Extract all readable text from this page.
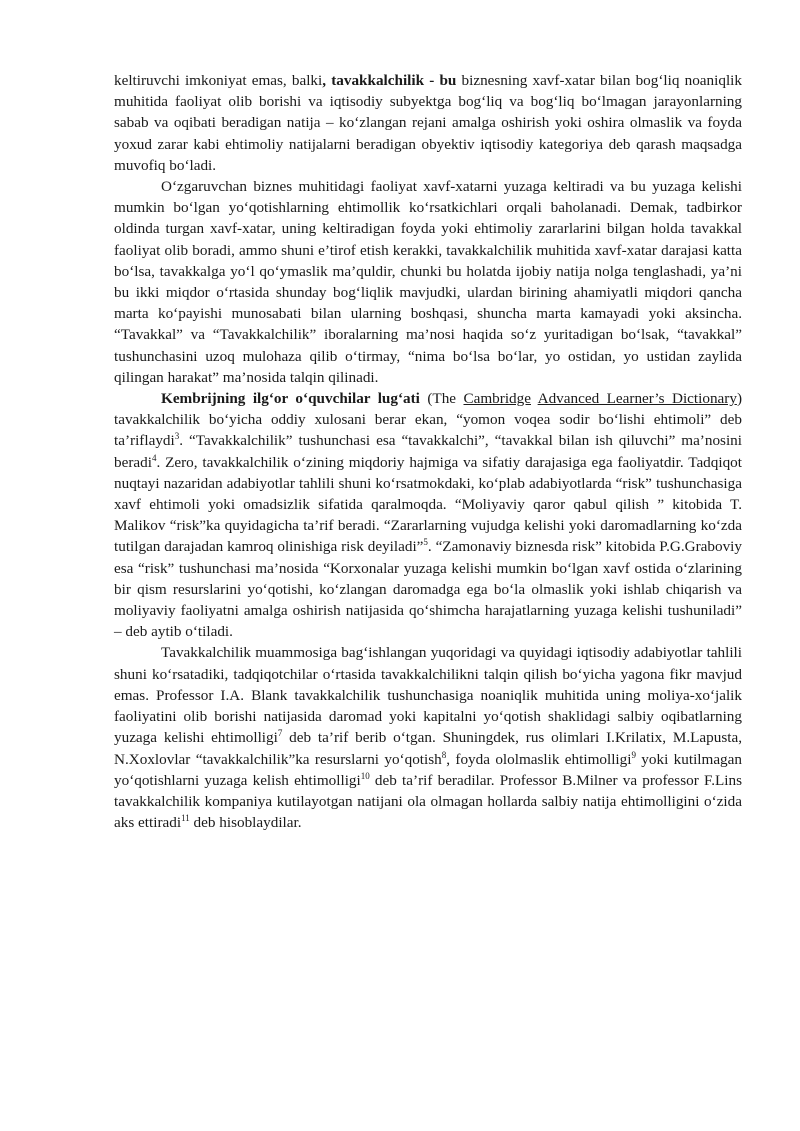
keltiruvchi imkoniyat emas, balki, tavakkalchilik - bu biznesning xavf-xatar bilan bog‘liq noaniqlik muhitida faoliyat olib borishi va iqtisodiy subyektga bog‘liq va bog‘liq bo‘lmagan jarayonlarning sabab va oqibati beradigan natija – ko‘zlangan rejani amalga oshirish yoki oshira olmaslik va foyda yoxud zarar kabi ehtimoliy natijalarni beradigan obyektiv iqtisodiy kategoriya deb qarash maqsadga muvofiq bo‘ladi.

O‘zgaruvchan biznes muhitidagi faoliyat xavf-xatarni yuzaga keltiradi va bu yuzaga kelishi mumkin bo‘lgan yo‘qotishlarning ehtimollik ko‘rsatkichlari orqali baholanadi. Demak, tadbirkor oldinda turgan xavf-xatar, uning keltiradigan foyda yoki ehtimoliy zararlarini bilgan holda tavakkal faoliyat olib boradi, ammo shuni e’tirof etish kerakki, tavakkalchilik muhitida xavf-xatar darajasi katta bo‘lsa, tavakkalga yo‘l qo‘ymaslik ma’quldir, chunki bu holatda ijobiy natija nolga tenglashadi, ya’ni bu ikki miqdor o‘rtasida shunday bog‘liqlik mavjudki, ulardan birining ahamiyatli miqdori qancha marta ko‘payishi munosabati bilan ularning boshqasi, shuncha marta kamayadi yoki aksincha. “Tavakkal” va “Tavakkalchilik” iboralarning ma’nosi haqida so‘z yuritadigan bo‘lsak, “tavakkal” tushunchasini uzoq mulohaza qilib o‘tirmay, “nima bo‘lsa bo‘lar, yo ostidan, yo ustidan zaylida qilingan harakat” ma’nosida talqin qilinadi.

Kembrijning ilg‘or o‘quvchilar lug‘ati (The Cambridge Advanced Learner’s Dictionary) tavakkalchilik bo‘yicha oddiy xulosani berar ekan, “yomon voqea sodir bo‘lishi ehtimoli” deb ta’riflaydi$^3$. “Tavakkalchilik” tushunchasi esa “tavakkalchi”, “tavakkal bilan ish qiluvchi” ma’nosini beradi$^4$. Zero, tavakkalchilik o‘zining miqdoriy hajmiga va sifatiy darajasiga ega faoliyatdir. Tadqiqot nuqtayi nazaridan adabiyotlar tahlili shuni ko‘rsatmokdaki, ko‘plab adabiyotlarda “risk” tushunchasiga xavf ehtimoli yoki omadsizlik sifatida qaralmoqda. “Moliyaviy qaror qabul qilish ” kitobida T. Malikov “risk”ka quyidagicha ta’rif beradi. “Zararlarning vujudga kelishi yoki daromadlarning ko‘zda tutilgan darajadan kamroq olinishiga risk deyiladi”$^5$. “Zamonaviy biznesda risk” kitobida P.G.Graboviy esa “risk” tushunchasi ma’nosida “Korxonalar yuzaga kelishi mumkin bo‘lgan xavf ostida o‘zlarining bir qism resurslarini yo‘qotishi, ko‘zlangan daromadga ega bo‘la olmaslik yoki ishlab chiqarish va moliyaviy faoliyatni amalga oshirish natijasida qo‘shimcha harajatlarning yuzaga kelishi tushuniladi” – deb aytib o‘tiladi.

Tavakkalchilik muammosiga bag‘ishlangan yuqoridagi va quyidagi iqtisodiy adabiyotlar tahlili shuni ko‘rsatadiki, tadqiqotchilar o‘rtasida tavakkalchilikni talqin qilish bo‘yicha yagona fikr mavjud emas. Professor I.A. Blank tavakkalchilik tushunchasiga noaniqlik muhitida uning moliya-xo‘jalik faoliyatini olib borishi natijasida daromad yoki kapitalni yo‘qotish shaklidagi salbiy oqibatlarning yuzaga kelishi ehtimolligi$^7$ deb ta’rif berib o‘tgan. Shuningdek, rus olimlari I.Krilatix, M.Lapusta, N.Xoxlovlar “tavakkalchilik”ka resurslarni yo‘qotish$^8$, foyda ololmaslik ehtimolligi$^9$ yoki kutilmagan yo‘qotishlarni yuzaga kelish ehtimolligi$^{10}$ deb ta’rif beradilar. Professor B.Milner va professor F.Lins tavakkalchilik kompaniya kutilayotgan natijani ola olmagan hollarda salbiy natija ehtimolligini o‘zida aks ettiradi$^{11}$ deb hisoblaydilar.
